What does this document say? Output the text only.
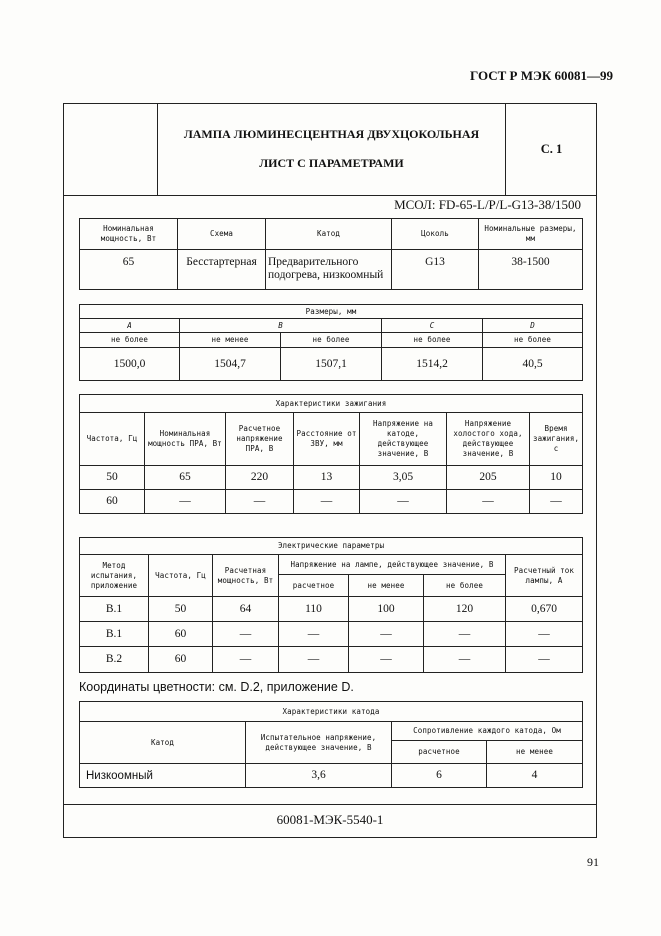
ГОСТ Р МЭК 60081—99
ЛАМПА ЛЮМИНЕСЦЕНТНАЯ ДВУХЦОКОЛЬНАЯ
ЛИСТ С ПАРАМЕТРАМИ
С. 1
МСОЛ: FD-65-L/P/L-G13-38/1500
Номинальная мощность, Вт	Схема	Катод	Цоколь	Номинальные размеры, мм
65	Бесстартерная	Предварительного подогрева, низкоомный	G13	38-1500
Размеры, мм				
A	B		C	D
не более	не менее	не более	не более	не более
1500,0	1504,7	1507,1	1514,2	40,5
Характеристики зажигания						
Частота, Гц	Номинальная мощность ПРА, Вт	Расчетное напряжение ПРА, В	Расстояние от ЗВУ, мм	Напряжение на катоде, действующее значение, В	Напряжение холостого хода, действующее значение, В	Время зажигания, с
50	65	220	13	3,05	205	10
60	—	—	—	—	—	—
Электрические параметры						
Метод испытания, приложение	Частота, Гц	Расчетная мощность, Вт	Напряжение на лампе, действующее значение, В			Расчетный ток лампы, А
			расчетное	не менее	не более	
B.1	50	64	110	100	120	0,670
B.1	60	—	—	—	—	—
B.2	60	—	—	—	—	—
Координаты цветности: см. D.2, приложение D.
Характеристики катода			
Катод	Испытательное напряжение, действующее значение, В	Сопротивление каждого катода, Ом	
		расчетное	не менее
Низкоомный	3,6	6	4
60081-МЭК-5540-1
91
